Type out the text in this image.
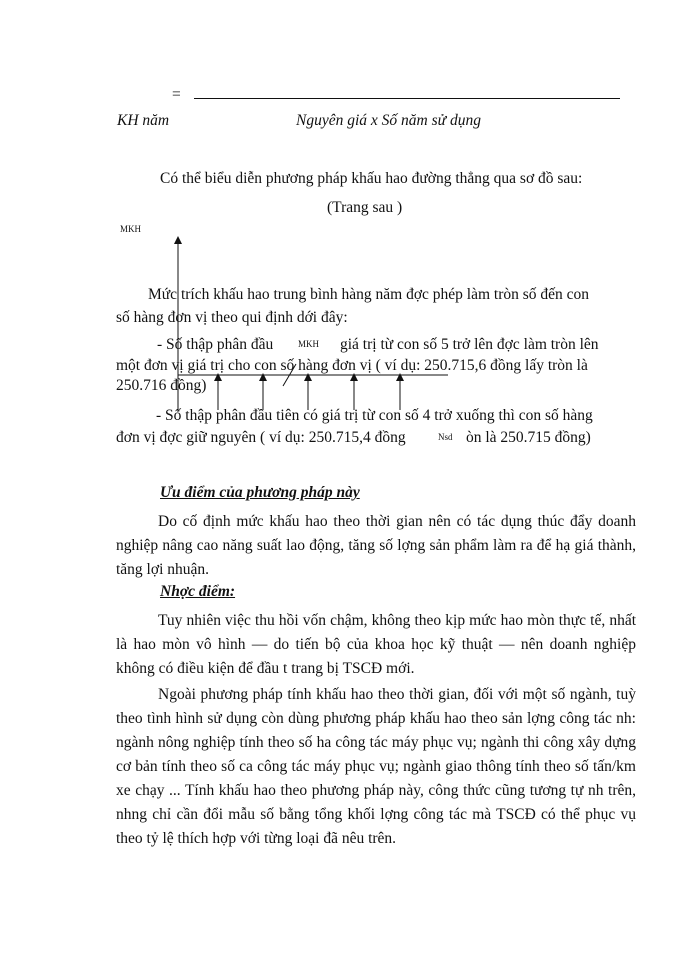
=
KH năm	Nguyên giá x Số năm sử dụng
Có thể biểu diễn phương pháp khấu hao đường thẳng qua sơ đồ sau:
(Trang sau )
MKH
Mức trích khấu hao trung bình hàng năm đợc phép làm tròn số đến con
số hàng đơn vị theo qui định dới đây:
- Số thập phân đầu	MKH giá trị từ con số 5 trở lên đợc làm tròn lên
một đơn vị giá trị cho con số hàng đơn vị ( ví dụ: 250.715,6 đồng lấy tròn là
250.716 đồng)
- Số thập phân đầu tiên có giá trị từ con số 4 trở xuống thì con số hàng
đơn vị đợc giữ nguyên ( ví dụ: 250.715,4 đồng	Nsd òn là 250.715 đồng)
Ưu điểm của phương pháp này
Do cố định mức khấu hao theo thời gian nên có tác dụng thúc đẩy doanh nghiệp nâng cao năng suất lao động, tăng số lợng sản phẩm làm ra để hạ giá thành, tăng lợi nhuận.
Nhợc điểm:
Tuy nhiên việc thu hồi vốn chậm, không theo kịp mức hao mòn thực tế, nhất là hao mòn vô hình — do tiến bộ của khoa học kỹ thuật — nên doanh nghiệp không có điều kiện để đầu t trang bị TSCĐ mới.
Ngoài phương pháp tính khấu hao theo thời gian, đối với một số ngành, tuỳ theo tình hình sử dụng còn dùng phương pháp khấu hao theo sản lợng công tác nh: ngành nông nghiệp tính theo số ha công tác máy phục vụ; ngành thi công xây dựng cơ bản tính theo số ca công tác máy phục vụ; ngành giao thông tính theo số tấn/km xe chạy ... Tính khấu hao theo phương pháp này, công thức cũng tương tự nh trên, nhng chỉ cần đổi mẫu số bằng tổng khối lợng công tác mà TSCĐ có thể phục vụ theo tỷ lệ thích hợp với từng loại đã nêu trên.
